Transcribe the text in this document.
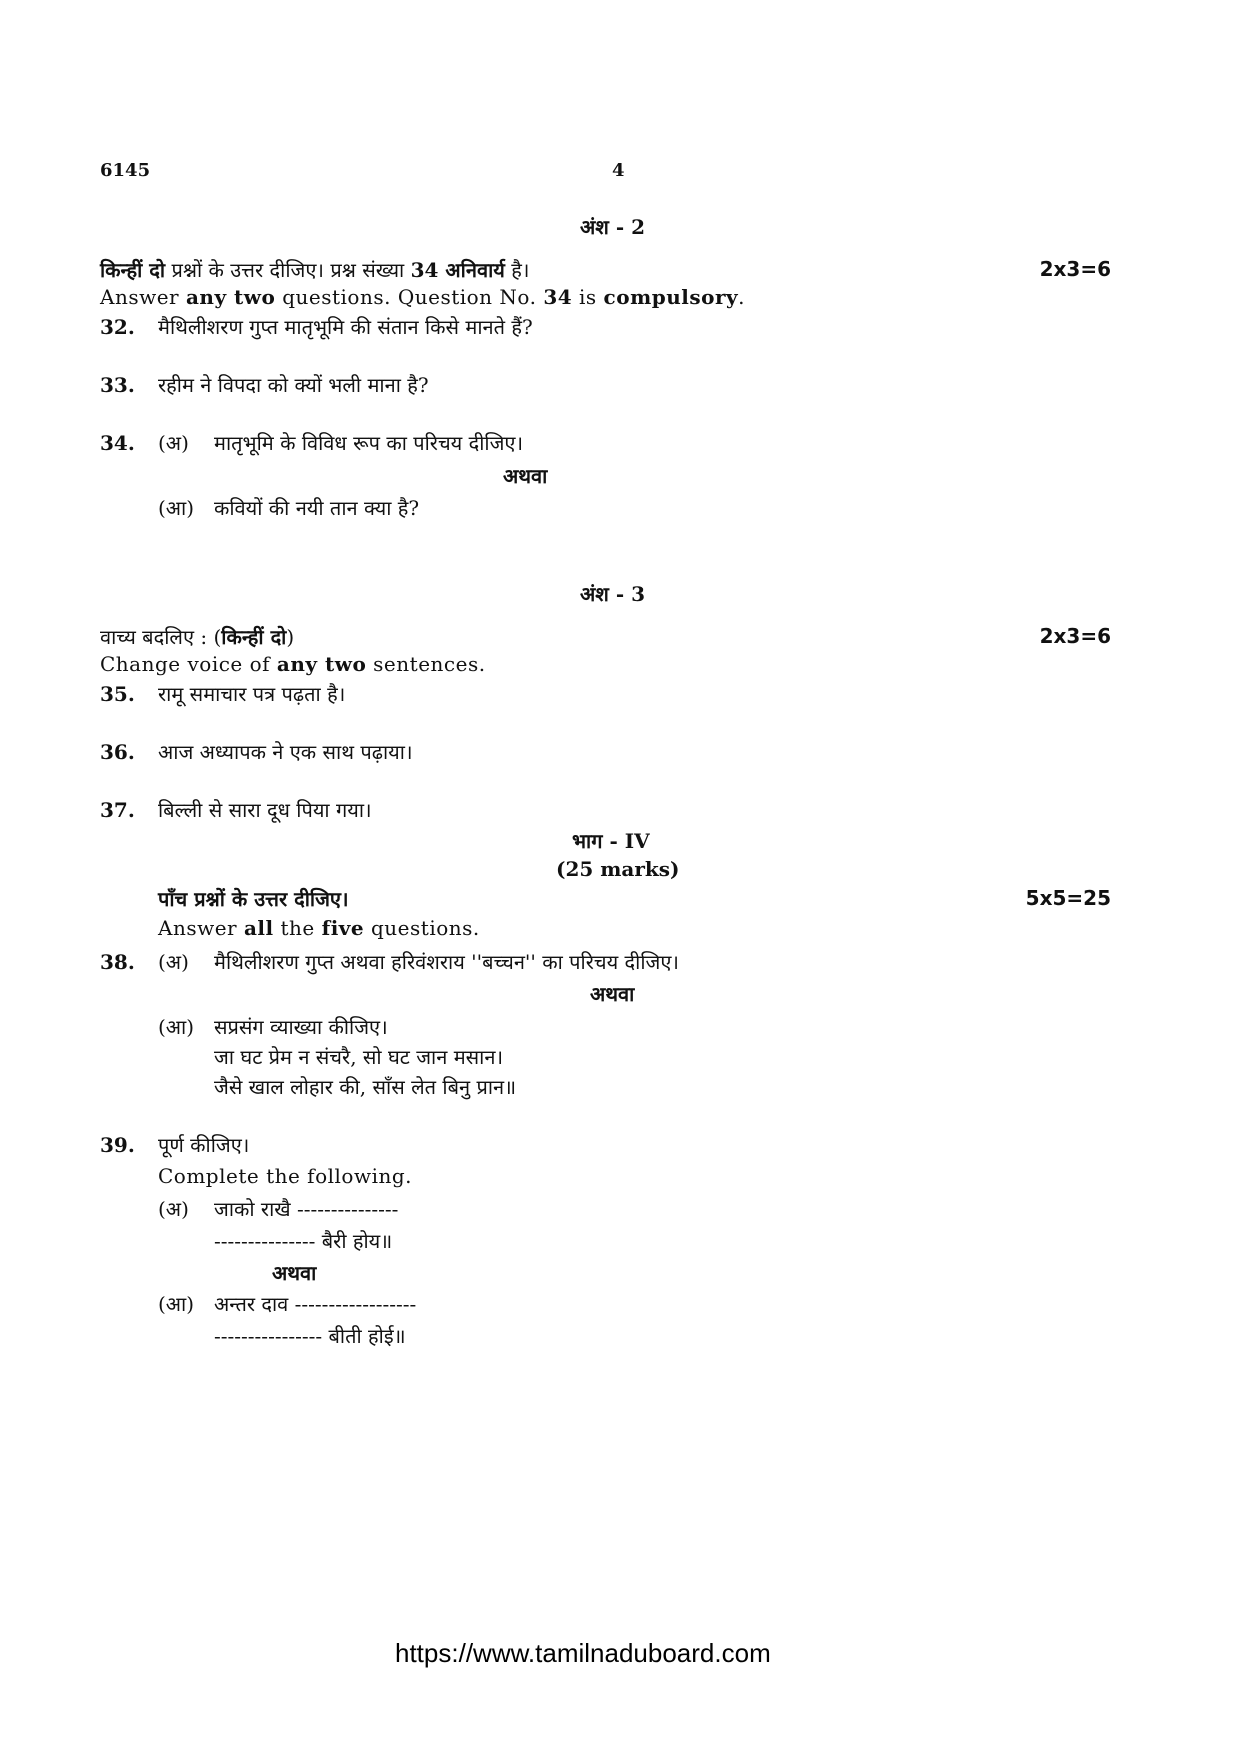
6145	4
अंश - 2
किन्हीं दो प्रश्नों के उत्तर दीजिए। प्रश्न संख्या 34 अनिवार्य है।	2x3=6
Answer any two questions. Question No. 34 is compulsory.
32. मैथिलीशरण गुप्त मातृभूमि की संतान किसे मानते हैं?
33. रहीम ने विपदा को क्यों भली माना है?
34. (अ) मातृभूमि के विविध रूप का परिचय दीजिए।
अथवा
(आ) कवियों की नयी तान क्या है?
अंश - 3
वाच्य बदलिए : (किन्हीं दो)	2x3=6
Change voice of any two sentences.
35. रामू समाचार पत्र पढ़ता है।
36. आज अध्यापक ने एक साथ पढ़ाया।
37. बिल्ली से सारा दूध पिया गया।
भाग - IV
(25 marks)
पाँच प्रश्नों के उत्तर दीजिए।	5x5=25
Answer all the five questions.
38. (अ) मैथिलीशरण गुप्त अथवा हरिवंशराय ''बच्चन'' का परिचय दीजिए।
अथवा
(आ) सप्रसंग व्याख्या कीजिए।
जा घट प्रेम न संचरै, सो घट जान मसान।
जैसे खाल लोहार की, साँस लेत बिनु प्रान॥
39. पूर्ण कीजिए।
Complete the following.
(अ) जाको राखै ---------------
--------------- बैरी होय॥
अथवा
(आ) अन्तर दाव ------------------
---------------- बीती होई॥
https://www.tamilnaduboard.com
